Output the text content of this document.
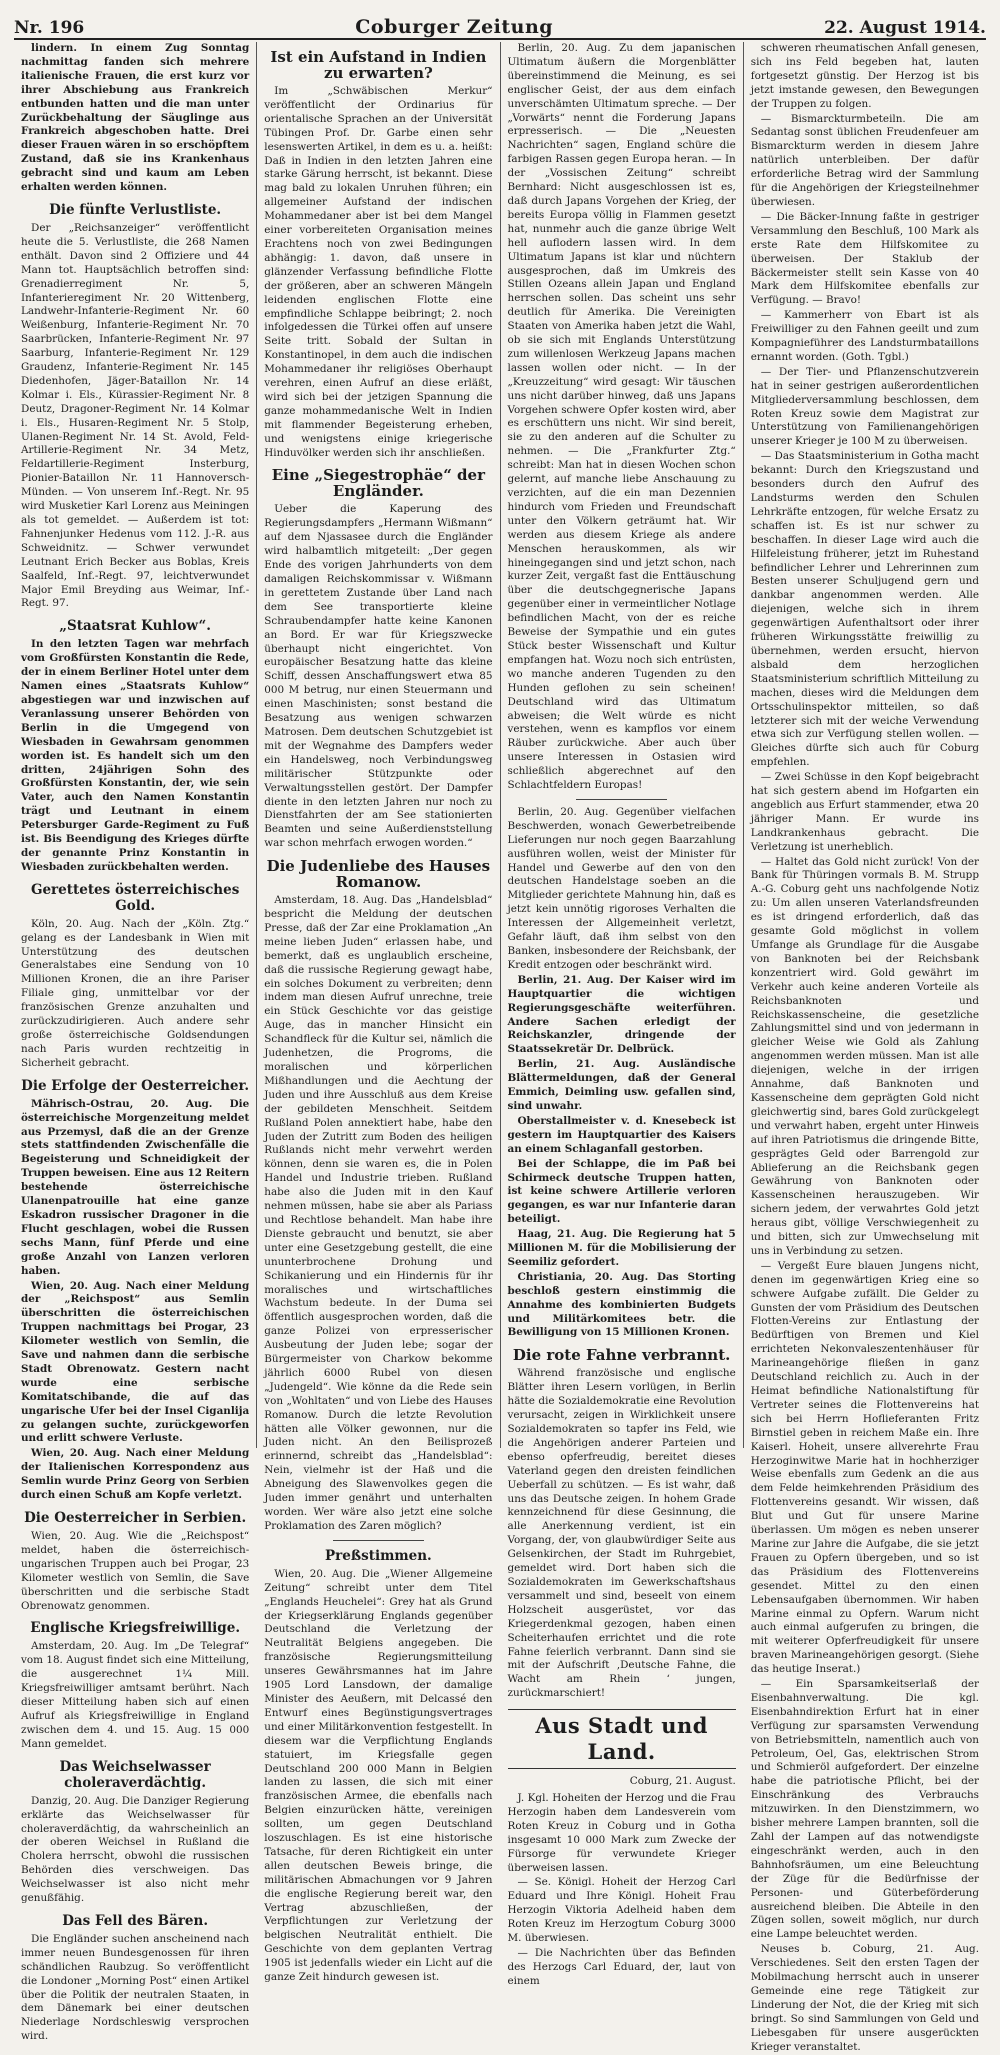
Nr. 196	Coburger Zeitung	22. August 1914.

lindern. In einem Zug Sonntag nachmittag fanden sich mehrere italienische Frauen, die erst kurz vor ihrer Abschiebung aus Frankreich entbunden hatten und die man unter Zurückbehaltung der Säuglinge aus Frankreich abgeschoben hatte. Drei dieser Frauen wären in so erschöpftem Zustand, daß sie ins Krankenhaus gebracht sind und kaum am Leben erhalten werden können.

Die fünfte Verlustliste.

Der „Reichsanzeiger“ veröffentlicht heute die 5. Verlustliste, die 268 Namen enthält. Davon sind 2 Offiziere und 44 Mann tot. Hauptsächlich betroffen sind: Grenadierregiment Nr. 5, Infanterieregiment Nr. 20 Wittenberg, Landwehr-Infanterie-Regiment Nr. 60 Weißenburg, Infanterie-Regiment Nr. 70 Saarbrücken, Infanterie-Regiment Nr. 97 Saarburg, Infanterie-Regiment Nr. 129 Graudenz, Infanterie-Regiment Nr. 145 Diedenhofen, Jäger-Bataillon Nr. 14 Kolmar i. Els., Kürassier-Regiment Nr. 8 Deutz, Dragoner-Regiment Nr. 14 Kolmar i. Els., Husaren-Regiment Nr. 5 Stolp, Ulanen-Regiment Nr. 14 St. Avold, Feld-Artillerie-Regiment Nr. 34 Metz, Feldartillerie-Regiment Insterburg, Pionier-Bataillon Nr. 11 Hannoversch-Münden. — Von unserem Inf.-Regt. Nr. 95 wird Musketier Karl Lorenz aus Meiningen als tot gemeldet. — Außerdem ist tot: Fahnenjunker Hedenus vom 112. J.-R. aus Schweidnitz. — Schwer verwundet Leutnant Erich Becker aus Boblas, Kreis Saalfeld, Inf.-Regt. 97, leichtverwundet Major Emil Breyding aus Weimar, Inf.-Regt. 97.

„Staatsrat Kuhlow“.

In den letzten Tagen war mehrfach vom Großfürsten Konstantin die Rede, der in einem Berliner Hotel unter dem Namen eines „Staatsrats Kuhlow“ abgestiegen war und inzwischen auf Veranlassung unserer Behörden von Berlin in die Umgegend von Wiesbaden in Gewahrsam genommen worden ist. Es handelt sich um den dritten, 24jährigen Sohn des Großfürsten Konstantin, der, wie sein Vater, auch den Namen Konstantin trägt und Leutnant in einem Petersburger Garde-Regiment zu Fuß ist. Bis Beendigung des Krieges dürfte der genannte Prinz Konstantin in Wiesbaden zurückbehalten werden.

Gerettetes österreichisches Gold.

Köln, 20. Aug. Nach der „Köln. Ztg.“ gelang es der Landesbank in Wien mit Unterstützung des deutschen Generalstabes eine Sendung von 10 Millionen Kronen, die an ihre Pariser Filiale ging, unmittelbar vor der französischen Grenze anzuhalten und zurückzudirigieren. Auch andere sehr große österreichische Goldsendungen nach Paris wurden rechtzeitig in Sicherheit gebracht.

Die Erfolge der Oesterreicher.

Mährisch-Ostrau, 20. Aug. Die österreichische Morgenzeitung meldet aus Przemysl, daß die an der Grenze stets stattfindenden Zwischenfälle die Begeisterung und Schneidigkeit der Truppen beweisen. Eine aus 12 Reitern bestehende österreichische Ulanenpatrouille hat eine ganze Eskadron russischer Dragoner in die Flucht geschlagen, wobei die Russen sechs Mann, fünf Pferde und eine große Anzahl von Lanzen verloren haben.

Wien, 20. Aug. Nach einer Meldung der „Reichspost“ aus Semlin überschritten die österreichischen Truppen nachmittags bei Progar, 23 Kilometer westlich von Semlin, die Save und nahmen dann die serbische Stadt Obrenowatz. Gestern nacht wurde eine serbische Komitatschibande, die auf das ungarische Ufer bei der Insel Ciganlija zu gelangen suchte, zurückgeworfen und erlitt schwere Verluste.

Wien, 20. Aug. Nach einer Meldung der Italienischen Korrespondenz aus Semlin wurde Prinz Georg von Serbien durch einen Schuß am Kopfe verletzt.

Die Oesterreicher in Serbien.

Wien, 20. Aug. Wie die „Reichspost“ meldet, haben die österreichisch-ungarischen Truppen auch bei Progar, 23 Kilometer westlich von Semlin, die Save überschritten und die serbische Stadt Obrenowatz genommen.

Englische Kriegsfreiwillige.

Amsterdam, 20. Aug. Im „De Telegraf“ vom 18. August findet sich eine Mitteilung, die ausgerechnet 1¼ Mill. Kriegsfreiwilliger amtsamt berührt. Nach dieser Mitteilung haben sich auf einen Aufruf als Kriegsfreiwillige in England zwischen dem 4. und 15. Aug. 15 000 Mann gemeldet.

Das Weichselwasser choleraverdächtig.

Danzig, 20. Aug. Die Danziger Regierung erklärte das Weichselwasser für choleraverdächtig, da wahrscheinlich an der oberen Weichsel in Rußland die Cholera herrscht, obwohl die russischen Behörden dies verschweigen. Das Weichselwasser ist also nicht mehr genußfähig.

Das Fell des Bären.

Die Engländer suchen anscheinend nach immer neuen Bundesgenossen für ihren schändlichen Raubzug. So veröffentlicht die Londoner „Morning Post“ einen Artikel über die Politik der neutralen Staaten, in dem Dänemark bei einer deutschen Niederlage Nordschleswig versprochen wird.

Ist ein Aufstand in Indien zu erwarten?

Im „Schwäbischen Merkur“ veröffentlicht der Ordinarius für orientalische Sprachen an der Universität Tübingen Prof. Dr. Garbe einen sehr lesenswerten Artikel, in dem es u. a. heißt: Daß in Indien in den letzten Jahren eine starke Gärung herrscht, ist bekannt. Diese mag bald zu lokalen Unruhen führen; ein allgemeiner Aufstand der indischen Mohammedaner aber ist bei dem Mangel einer vorbereiteten Organisation meines Erachtens noch von zwei Bedingungen abhängig: 1. davon, daß unsere in glänzender Verfassung befindliche Flotte der größeren, aber an schweren Mängeln leidenden englischen Flotte eine empfindliche Schlappe beibringt; 2. noch infolgedessen die Türkei offen auf unsere Seite tritt. Sobald der Sultan in Konstantinopel, in dem auch die indischen Mohammedaner ihr religiöses Oberhaupt verehren, einen Aufruf an diese erläßt, wird sich bei der jetzigen Spannung die ganze mohammedanische Welt in Indien mit flammender Begeisterung erheben, und wenigstens einige kriegerische Hinduvölker werden sich ihr anschließen.

Eine „Siegestrophäe“ der Engländer.

Ueber die Kaperung des Regierungsdampfers „Hermann Wißmann“ auf dem Njassasee durch die Engländer wird halbamtlich mitgeteilt: „Der gegen Ende des vorigen Jahrhunderts von dem damaligen Reichskommissar v. Wißmann in gerettetem Zustande über Land nach dem See transportierte kleine Schraubendampfer hatte keine Kanonen an Bord. Er war für Kriegszwecke überhaupt nicht eingerichtet. Von europäischer Besatzung hatte das kleine Schiff, dessen Anschaffungswert etwa 85 000 M betrug, nur einen Steuermann und einen Maschinisten; sonst bestand die Besatzung aus wenigen schwarzen Matrosen. Dem deutschen Schutzgebiet ist mit der Wegnahme des Dampfers weder ein Handelsweg, noch Verbindungsweg militärischer Stützpunkte oder Verwaltungsstellen gestört. Der Dampfer diente in den letzten Jahren nur noch zu Dienstfahrten der am See stationierten Beamten und seine Außerdienststellung war schon mehrfach erwogen worden.“

Die Judenliebe des Hauses Romanow.

Amsterdam, 18. Aug. Das „Handelsblad“ bespricht die Meldung der deutschen Presse, daß der Zar eine Proklamation „An meine lieben Juden“ erlassen habe, und bemerkt, daß es unglaublich erscheine, daß die russische Regierung gewagt habe, ein solches Dokument zu verbreiten; denn indem man diesen Aufruf unrechne, treie ein Stück Geschichte vor das geistige Auge, das in mancher Hinsicht ein Schandfleck für die Kultur sei, nämlich die Judenhetzen, die Progroms, die moralischen und körperlichen Mißhandlungen und die Aechtung der Juden und ihre Ausschluß aus dem Kreise der gebildeten Menschheit. Seitdem Rußland Polen annektiert habe, habe den Juden der Zutritt zum Boden des heiligen Rußlands nicht mehr verwehrt werden können, denn sie waren es, die in Polen Handel und Industrie trieben. Rußland habe also die Juden mit in den Kauf nehmen müssen, habe sie aber als Pariass und Rechtlose behandelt. Man habe ihre Dienste gebraucht und benutzt, sie aber unter eine Gesetzgebung gestellt, die eine ununterbrochene Drohung und Schikanierung und ein Hindernis für ihr moralisches und wirtschaftliches Wachstum bedeute. In der Duma sei öffentlich ausgesprochen worden, daß die ganze Polizei von erpresserischer Ausbeutung der Juden lebe; sogar der Bürgermeister von Charkow bekomme jährlich 6000 Rubel von diesen „Judengeld“. Wie könne da die Rede sein von „Wohltaten“ und von Liebe des Hauses Romanow. Durch die letzte Revolution hätten alle Völker gewonnen, nur die Juden nicht. An den Beilisprozeß erinnernd, schreibt das „Handelsblad“: Nein, vielmehr ist der Haß und die Abneigung des Slawenvolkes gegen die Juden immer genährt und unterhalten worden. Wer wäre also jetzt eine solche Proklamation des Zaren möglich?

Preßstimmen.

Wien, 20. Aug. Die „Wiener Allgemeine Zeitung“ schreibt unter dem Titel „Englands Heuchelei“: Grey hat als Grund der Kriegserklärung Englands gegenüber Deutschland die Verletzung der Neutralität Belgiens angegeben. Die französische Regierungsmitteilung unseres Gewährsmannes hat im Jahre 1905 Lord Lansdown, der damalige Minister des Aeußern, mit Delcassé den Entwurf eines Begünstigungsvertrages und einer Militärkonvention festgestellt. In diesem war die Verpflichtung Englands statuiert, im Kriegsfalle gegen Deutschland 200 000 Mann in Belgien landen zu lassen, die sich mit einer französischen Armee, die ebenfalls nach Belgien einzurücken hätte, vereinigen sollten, um gegen Deutschland loszuschlagen. Es ist eine historische Tatsache, für deren Richtigkeit ein unter allen deutschen Beweis bringe, die militärischen Abmachungen vor 9 Jahren die englische Regierung bereit war, den Vertrag abzuschließen, der Verpflichtungen zur Verletzung der belgischen Neutralität enthielt. Die Geschichte von dem geplanten Vertrag 1905 ist jedenfalls wieder ein Licht auf die ganze Zeit hindurch gewesen ist.

Berlin, 20. Aug. Zu dem japanischen Ultimatum äußern die Morgenblätter übereinstimmend die Meinung, es sei englischer Geist, der aus dem einfach unverschämten Ultimatum spreche. — Der „Vorwärts“ nennt die Forderung Japans erpresserisch. — Die „Neuesten Nachrichten“ sagen, England schüre die farbigen Rassen gegen Europa heran. — In der „Vossischen Zeitung“ schreibt Bernhard: Nicht ausgeschlossen ist es, daß durch Japans Vorgehen der Krieg, der bereits Europa völlig in Flammen gesetzt hat, nunmehr auch die ganze übrige Welt hell auflodern lassen wird. In dem Ultimatum Japans ist klar und nüchtern ausgesprochen, daß im Umkreis des Stillen Ozeans allein Japan und England herrschen sollen. Das scheint uns sehr deutlich für Amerika. Die Vereinigten Staaten von Amerika haben jetzt die Wahl, ob sie sich mit Englands Unterstützung zum willenlosen Werkzeug Japans machen lassen wollen oder nicht. — In der „Kreuzzeitung“ wird gesagt: Wir täuschen uns nicht darüber hinweg, daß uns Japans Vorgehen schwere Opfer kosten wird, aber es erschüttern uns nicht. Wir sind bereit, sie zu den anderen auf die Schulter zu nehmen. — Die „Frankfurter Ztg.“ schreibt: Man hat in diesen Wochen schon gelernt, auf manche liebe Anschauung zu verzichten, auf die ein man Dezennien hindurch vom Frieden und Freundschaft unter den Völkern geträumt hat. Wir werden aus diesem Kriege als andere Menschen herauskommen, als wir hineingegangen sind und jetzt schon, nach kurzer Zeit, vergaßt fast die Enttäuschung über die deutschgegnerische Japans gegenüber einer in vermeintlicher Notlage befindlichen Macht, von der es reiche Beweise der Sympathie und ein gutes Stück bester Wissenschaft und Kultur empfangen hat. Wozu noch sich entrüsten, wo manche anderen Tugenden zu den Hunden geflohen zu sein scheinen! Deutschland wird das Ultimatum abweisen; die Welt würde es nicht verstehen, wenn es kampflos vor einem Räuber zurückwiche. Aber auch über unsere Interessen in Ostasien wird schließlich abgerechnet auf den Schlachtfeldern Europas!

Berlin, 20. Aug. Gegenüber vielfachen Beschwerden, wonach Gewerbetreibende Lieferungen nur noch gegen Baarzahlung ausführen wollen, weist der Minister für Handel und Gewerbe auf den von den deutschen Handelstage soeben an die Mitglieder gerichtete Mahnung hin, daß es jetzt kein unnötig rigoroses Verhalten die Interessen der Allgemeinheit verletzt, Gefahr läuft, daß ihm selbst von den Banken, insbesondere der Reichsbank, der Kredit entzogen oder beschränkt wird.

Berlin, 21. Aug. Der Kaiser wird im Hauptquartier die wichtigen Regierungsgeschäfte weiterführen. Andere Sachen erledigt der Reichskanzler, dringende der Staatssekretär Dr. Delbrück.

Berlin, 21. Aug. Ausländische Blättermeldungen, daß der General Emmich, Deimling usw. gefallen sind, sind unwahr.

Oberstallmeister v. d. Knesebeck ist gestern im Hauptquartier des Kaisers an einem Schlaganfall gestorben.

Bei der Schlappe, die im Paß bei Schirmeck deutsche Truppen hatten, ist keine schwere Artillerie verloren gegangen, es war nur Infanterie daran beteiligt.

Haag, 21. Aug. Die Regierung hat 5 Millionen M. für die Mobilisierung der Seemiliz gefordert.

Christiania, 20. Aug. Das Storting beschloß gestern einstimmig die Annahme des kombinierten Budgets und Militärkomitees betr. die Bewilligung von 15 Millionen Kronen.

Die rote Fahne verbrannt.

Während französische und englische Blätter ihren Lesern vorlügen, in Berlin hätte die Sozialdemokratie eine Revolution verursacht, zeigen in Wirklichkeit unsere Sozialdemokraten so tapfer ins Feld, wie die Angehörigen anderer Parteien und ebenso opferfreudig, bereitet dieses Vaterland gegen den dreisten feindlichen Ueberfall zu schützen. — Es ist wahr, daß uns das Deutsche zeigen. In hohem Grade kennzeichnend für diese Gesinnung, die alle Anerkennung verdient, ist ein Vorgang, der, von glaubwürdiger Seite aus Gelsenkirchen, der Stadt im Ruhrgebiet, gemeldet wird. Dort haben sich die Sozialdemokraten im Gewerkschaftshaus versammelt und sind, beseelt von einem Holzscheit ausgerüstet, vor das Kriegerdenkmal gezogen, haben einen Scheiterhaufen errichtet und die rote Fahne feierlich verbrannt. Dann sind sie mit der Aufschrift ‚Deutsche Fahne, die Wacht am Rhein ‘ jungen, zurückmarschiert!

Aus Stadt und Land.
Coburg, 21. August.

J. Kgl. Hoheiten der Herzog und die Frau Herzogin haben dem Landesverein vom Roten Kreuz in Coburg und in Gotha insgesamt 10 000 Mark zum Zwecke der Fürsorge für verwundete Krieger überweisen lassen.

— Se. Königl. Hoheit der Herzog Carl Eduard und Ihre Königl. Hoheit Frau Herzogin Viktoria Adelheid haben dem Roten Kreuz im Herzogtum Coburg 3000 M. überwiesen.

— Die Nachrichten über das Befinden des Herzogs Carl Eduard, der, laut von einem

schweren rheumatischen Anfall genesen, sich ins Feld begeben hat, lauten fortgesetzt günstig. Der Herzog ist bis jetzt imstande gewesen, den Bewegungen der Truppen zu folgen.

— Bismarckturmbeteiln. Die am Sedantag sonst üblichen Freudenfeuer am Bismarckturm werden in diesem Jahre natürlich unterbleiben. Der dafür erforderliche Betrag wird der Sammlung für die Angehörigen der Kriegsteilnehmer überwiesen.

— Die Bäcker-Innung faßte in gestriger Versammlung den Beschluß, 100 Mark als erste Rate dem Hilfskomitee zu überweisen. Der Staklub der Bäckermeister stellt sein Kasse von 40 Mark dem Hilfskomitee ebenfalls zur Verfügung. — Bravo!

— Kammerherr von Ebart ist als Freiwilliger zu den Fahnen geeilt und zum Kompagnieführer des Landsturmbataillons ernannt worden. (Goth. Tgbl.)

— Der Tier- und Pflanzenschutzverein hat in seiner gestrigen außerordentlichen Mitgliederversammlung beschlossen, dem Roten Kreuz sowie dem Magistrat zur Unterstützung von Familienangehörigen unserer Krieger je 100 M zu überweisen.

— Das Staatsministerium in Gotha macht bekannt: Durch den Kriegszustand und besonders durch den Aufruf des Landsturms werden den Schulen Lehrkräfte entzogen, für welche Ersatz zu schaffen ist. Es ist nur schwer zu beschaffen. In dieser Lage wird auch die Hilfeleistung früherer, jetzt im Ruhestand befindlicher Lehrer und Lehrerinnen zum Besten unserer Schuljugend gern und dankbar angenommen werden. Alle diejenigen, welche sich in ihrem gegenwärtigen Aufenthaltsort oder ihrer früheren Wirkungsstätte freiwillig zu übernehmen, werden ersucht, hiervon alsbald dem herzoglichen Staatsministerium schriftlich Mitteilung zu machen, dieses wird die Meldungen dem Ortsschulinspektor mitteilen, so daß letzterer sich mit der weiche Verwendung etwa sich zur Verfügung stellen wollen. — Gleiches dürfte sich auch für Coburg empfehlen.

— Zwei Schüsse in den Kopf beigebracht hat sich gestern abend im Hofgarten ein angeblich aus Erfurt stammender, etwa 20 jähriger Mann. Er wurde ins Landkrankenhaus gebracht. Die Verletzung ist unerheblich.

— Haltet das Gold nicht zurück! Von der Bank für Thüringen vormals B. M. Strupp A.-G. Coburg geht uns nachfolgende Notiz zu: Um allen unseren Vaterlandsfreunden es ist dringend erforderlich, daß das gesamte Gold möglichst in vollem Umfange als Grundlage für die Ausgabe von Banknoten bei der Reichsbank konzentriert wird. Gold gewährt im Verkehr auch keine anderen Vorteile als Reichsbanknoten und Reichskassenscheine, die gesetzliche Zahlungsmittel sind und von jedermann in gleicher Weise wie Gold als Zahlung angenommen werden müssen. Man ist alle diejenigen, welche in der irrigen Annahme, daß Banknoten und Kassenscheine dem geprägten Gold nicht gleichwertig sind, bares Gold zurückgelegt und verwahrt haben, ergeht unter Hinweis auf ihren Patriotismus die dringende Bitte, gesprägtes Geld oder Barrengold zur Ablieferung an die Reichsbank gegen Gewährung von Banknoten oder Kassenscheinen herauszugeben. Wir sichern jedem, der verwahrtes Gold jetzt heraus gibt, völlige Verschwiegenheit zu und bitten, sich zur Umwechselung mit uns in Verbindung zu setzen.

— Vergeßt Eure blauen Jungens nicht, denen im gegenwärtigen Krieg eine so schwere Aufgabe zufällt. Die Gelder zu Gunsten der vom Präsidium des Deutschen Flotten-Vereins zur Entlastung der Bedürftigen von Bremen und Kiel errichteten Nekonvaleszentenhäuser für Marineangehörige fließen in ganz Deutschland reichlich zu. Auch in der Heimat befindliche Nationalstiftung für Vertreter seines die Flottenvereins hat sich bei Herrn Hoflieferanten Fritz Birnstiel geben in reichem Maße ein. Ihre Kaiserl. Hoheit, unsere allverehrte Frau Herzoginwitwe Marie hat in hochherziger Weise ebenfalls zum Gedenk an die aus dem Felde heimkehrenden Präsidium des Flottenvereins gesandt. Wir wissen, daß Blut und Gut für unsere Marine überlassen. Um mögen es neben unserer Marine zur Jahre die Aufgabe, die sie jetzt Frauen zu Opfern übergeben, und so ist das Präsidium des Flottenvereins gesendet. Mittel zu den einen Lebensaufgaben übernommen. Wir haben Marine einmal zu Opfern. Warum nicht auch einmal aufgerufen zu bringen, die mit weiterer Opferfreudigkeit für unsere braven Marineangehörigen gesorgt. (Siehe das heutige Inserat.)

— Ein Sparsamkeitserlaß der Eisenbahnverwaltung. Die kgl. Eisenbahndirektion Erfurt hat in einer Verfügung zur sparsamsten Verwendung von Betriebsmitteln, namentlich auch von Petroleum, Oel, Gas, elektrischen Strom und Schmieröl aufgefordert. Der einzelne habe die patriotische Pflicht, bei der Einschränkung des Verbrauchs mitzuwirken. In den Dienstzimmern, wo bisher mehrere Lampen brannten, soll die Zahl der Lampen auf das notwendigste eingeschränkt werden, auch in den Bahnhofsräumen, um eine Beleuchtung der Züge für die Bedürfnisse der Personen- und Güterbeförderung ausreichend bleiben. Die Abteile in den Zügen sollen, soweit möglich, nur durch eine Lampe beleuchtet werden.

Neuses b. Coburg, 21. Aug. Verschiedenes. Seit den ersten Tagen der Mobilmachung herrscht auch in unserer Gemeinde eine rege Tätigkeit zur Linderung der Not, die der Krieg mit sich bringt. So sind Sammlungen von Geld und Liebesgaben für unsere ausgerückten Krieger veranstaltet.
